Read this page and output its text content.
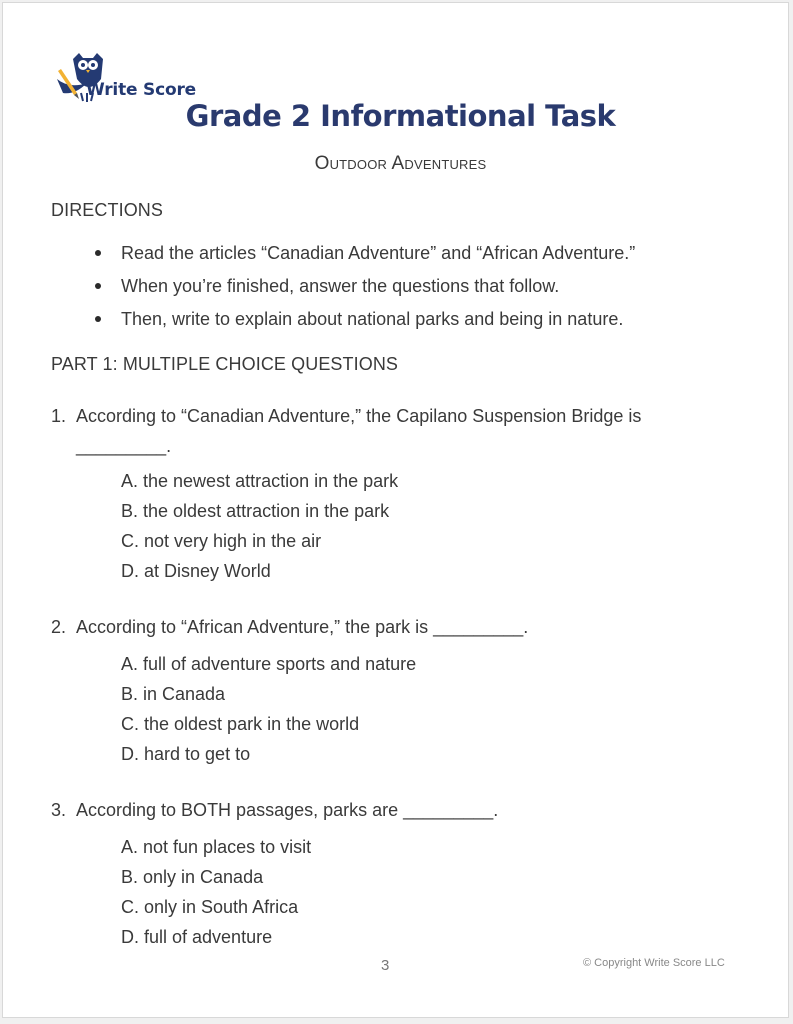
Write Score
Grade 2 Informational Task
Outdoor Adventures
DIRECTIONS
Read the articles “Canadian Adventure” and “African Adventure.”
When you’re finished, answer the questions that follow.
Then, write to explain about national parks and being in nature.
PART 1: MULTIPLE CHOICE QUESTIONS
1. According to “Canadian Adventure,” the Capilano Suspension Bridge is _________.
A. the newest attraction in the park
B. the oldest attraction in the park
C. not very high in the air
D. at Disney World
2. According to “African Adventure,” the park is _________.
A. full of adventure sports and nature
B. in Canada
C. the oldest park in the world
D. hard to get to
3. According to BOTH passages, parks are _________.
A. not fun places to visit
B. only in Canada
C. only in South Africa
D. full of adventure
3	© Copyright Write Score LLC
